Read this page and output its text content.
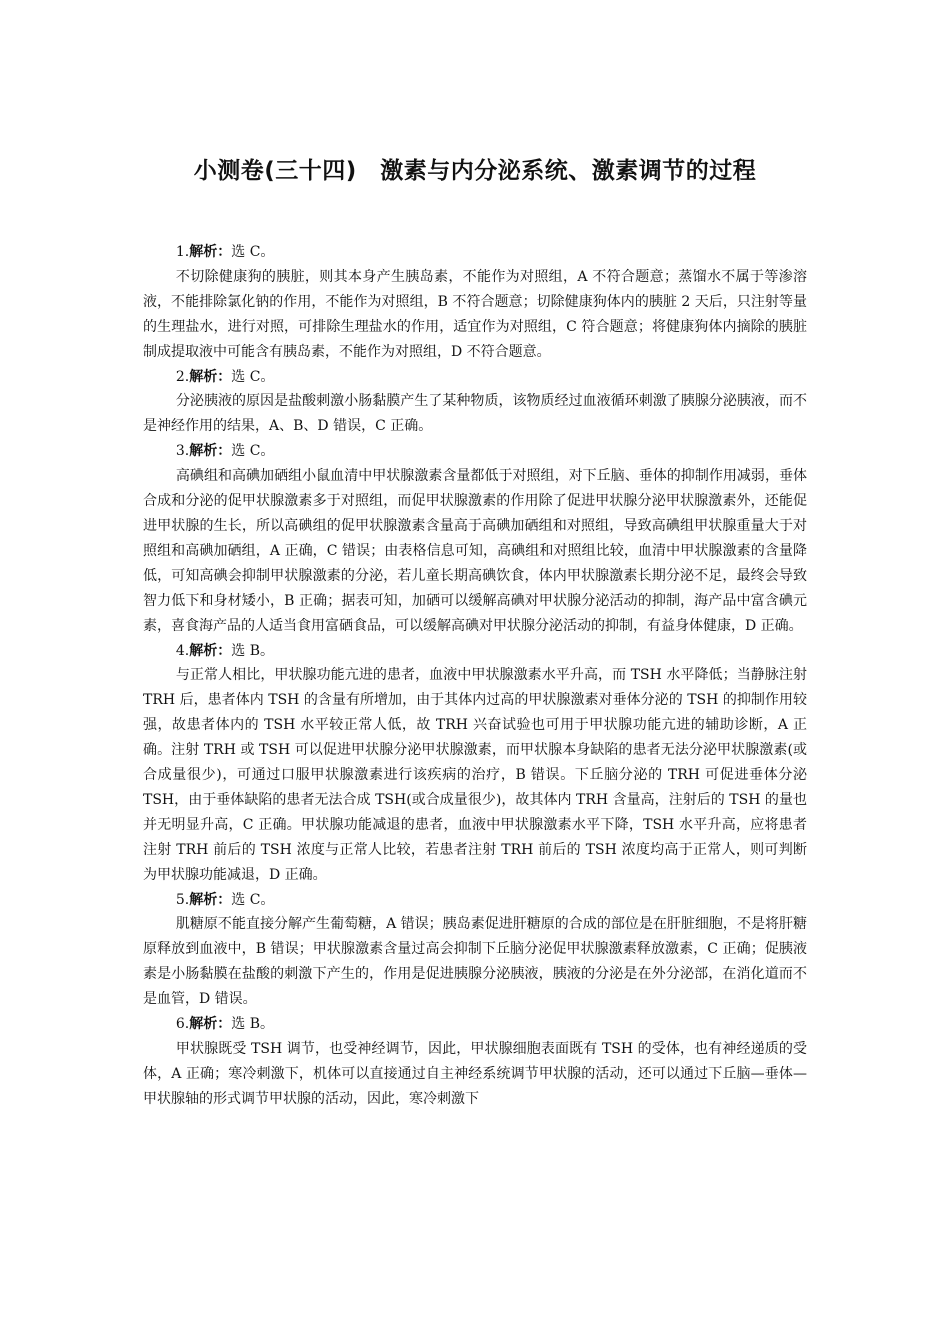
小测卷(三十四)　激素与内分泌系统、激素调节的过程

1.解析：选 C。

不切除健康狗的胰脏，则其本身产生胰岛素，不能作为对照组，A 不符合题意；蒸馏水不属于等渗溶液，不能排除氯化钠的作用，不能作为对照组，B 不符合题意；切除健康狗体内的胰脏 2 天后，只注射等量的生理盐水，进行对照，可排除生理盐水的作用，适宜作为对照组，C 符合题意；将健康狗体内摘除的胰脏制成提取液中可能含有胰岛素，不能作为对照组，D 不符合题意。

2.解析：选 C。

分泌胰液的原因是盐酸刺激小肠黏膜产生了某种物质，该物质经过血液循环刺激了胰腺分泌胰液，而不是神经作用的结果，A、B、D 错误，C 正确。

3.解析：选 C。

高碘组和高碘加硒组小鼠血清中甲状腺激素含量都低于对照组，对下丘脑、垂体的抑制作用减弱，垂体合成和分泌的促甲状腺激素多于对照组，而促甲状腺激素的作用除了促进甲状腺分泌甲状腺激素外，还能促进甲状腺的生长，所以高碘组的促甲状腺激素含量高于高碘加硒组和对照组，导致高碘组甲状腺重量大于对照组和高碘加硒组，A 正确，C 错误；由表格信息可知，高碘组和对照组比较，血清中甲状腺激素的含量降低，可知高碘会抑制甲状腺激素的分泌，若儿童长期高碘饮食，体内甲状腺激素长期分泌不足，最终会导致智力低下和身材矮小，B 正确；据表可知，加硒可以缓解高碘对甲状腺分泌活动的抑制，海产品中富含碘元素，喜食海产品的人适当食用富硒食品，可以缓解高碘对甲状腺分泌活动的抑制，有益身体健康，D 正确。

4.解析：选 B。

与正常人相比，甲状腺功能亢进的患者，血液中甲状腺激素水平升高，而 TSH 水平降低；当静脉注射 TRH 后，患者体内 TSH 的含量有所增加，由于其体内过高的甲状腺激素对垂体分泌的 TSH 的抑制作用较强，故患者体内的 TSH 水平较正常人低，故 TRH 兴奋试验也可用于甲状腺功能亢进的辅助诊断，A 正确。注射 TRH 或 TSH 可以促进甲状腺分泌甲状腺激素，而甲状腺本身缺陷的患者无法分泌甲状腺激素(或合成量很少)，可通过口服甲状腺激素进行该疾病的治疗，B 错误。下丘脑分泌的 TRH 可促进垂体分泌 TSH，由于垂体缺陷的患者无法合成 TSH(或合成量很少)，故其体内 TRH 含量高，注射后的 TSH 的量也并无明显升高，C 正确。甲状腺功能减退的患者，血液中甲状腺激素水平下降，TSH 水平升高，应将患者注射 TRH 前后的 TSH 浓度与正常人比较，若患者注射 TRH 前后的 TSH 浓度均高于正常人，则可判断为甲状腺功能减退，D 正确。

5.解析：选 C。

肌糖原不能直接分解产生葡萄糖，A 错误；胰岛素促进肝糖原的合成的部位是在肝脏细胞，不是将肝糖原释放到血液中，B 错误；甲状腺激素含量过高会抑制下丘脑分泌促甲状腺激素释放激素，C 正确；促胰液素是小肠黏膜在盐酸的刺激下产生的，作用是促进胰腺分泌胰液，胰液的分泌是在外分泌部，在消化道而不是血管，D 错误。

6.解析：选 B。

甲状腺既受 TSH 调节，也受神经调节，因此，甲状腺细胞表面既有 TSH 的受体，也有神经递质的受体，A 正确；寒冷刺激下，机体可以直接通过自主神经系统调节甲状腺的活动，还可以通过下丘脑—垂体—甲状腺轴的形式调节甲状腺的活动，因此，寒冷刺激下
